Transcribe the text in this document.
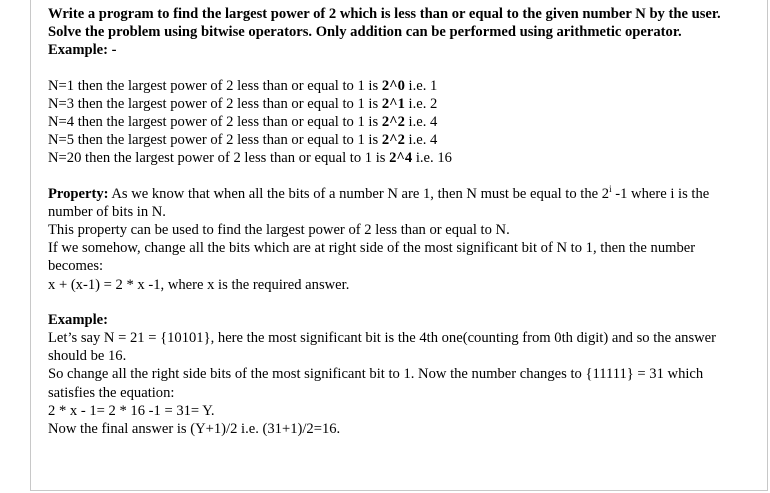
Write a program to find the largest power of 2 which is less than or equal to the given number N by the user. Solve the problem using bitwise operators. Only addition can be performed using arithmetic operator.

Example: -

N=1 then the largest power of 2 less than or equal to 1 is 2^0 i.e. 1

N=3 then the largest power of 2 less than or equal to 1 is 2^1 i.e. 2

N=4 then the largest power of 2 less than or equal to 1 is 2^2 i.e. 4

N=5 then the largest power of 2 less than or equal to 1 is 2^2 i.e. 4

N=20 then the largest power of 2 less than or equal to 1 is 2^4 i.e. 16

Property: As we know that when all the bits of a number N are 1, then N must be equal to the 2$^i$ -1 where i is the number of bits in N.

This property can be used to find the largest power of 2 less than or equal to N.

If we somehow, change all the bits which are at right side of the most significant bit of N to 1, then the number becomes:

x + (x-1) = 2 * x -1, where x is the required answer.

Example:

Let’s say N = 21 = {10101}, here the most significant bit is the 4th one(counting from 0th digit) and so the answer should be 16.

So change all the right side bits of the most significant bit to 1. Now the number changes to {11111} = 31 which satisfies the equation:

2 * x - 1= 2 * 16 -1 = 31= Y.

Now the final answer is (Y+1)/2 i.e. (31+1)/2=16.
